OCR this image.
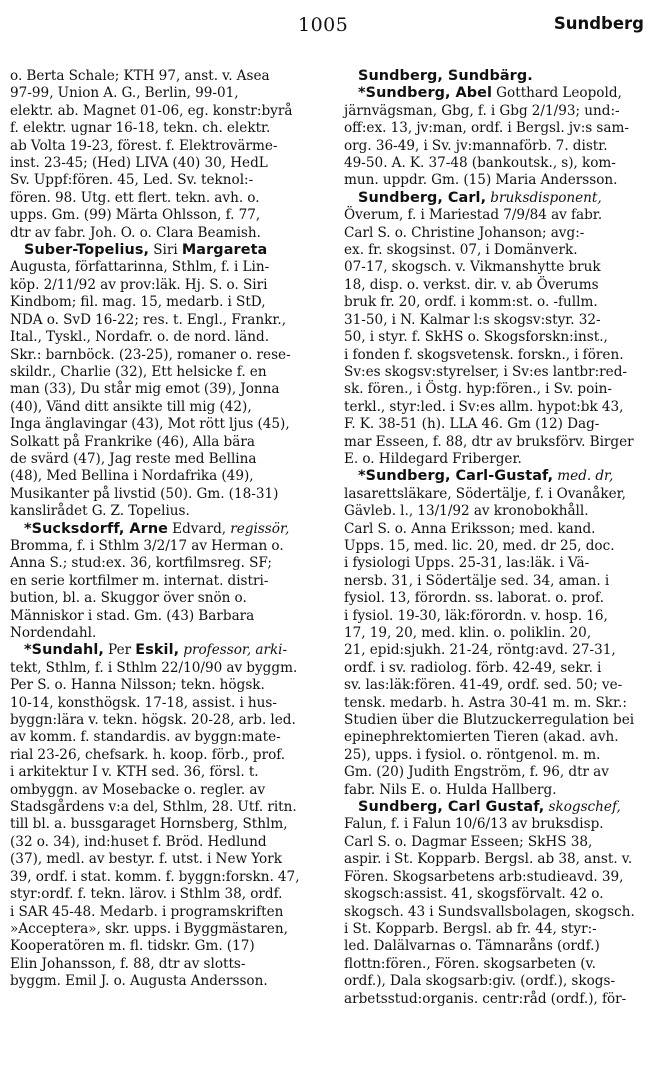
1005	Sundberg
o. Berta Schale; KTH 97, anst. v. Asea
97-99, Union A. G., Berlin, 99-01,
elektr. ab. Magnet 01-06, eg. konstr:byrå
f. elektr. ugnar 16-18, tekn. ch. elektr.
ab Volta 19-23, förest. f. Elektrovärme-
inst. 23-45; (Hed) LIVA (40) 30, HedL
Sv. Uppf:fören. 45, Led. Sv. teknol:-
fören. 98. Utg. ett flert. tekn. avh. o.
upps. Gm. (99) Märta Ohlsson, f. 77,
dtr av fabr. Joh. O. o. Clara Beamish.
Suber-Topelius, Siri Margareta
Augusta, författarinna, Sthlm, f. i Lin-
köp. 2/11/92 av prov:läk. Hj. S. o. Siri
Kindbom; fil. mag. 15, medarb. i StD,
NDA o. SvD 16-22; res. t. Engl., Frankr.,
Ital., Tyskl., Nordafr. o. de nord. länd.
Skr.: barnböck. (23-25), romaner o. rese-
skildr., Charlie (32), Ett helsicke f. en
man (33), Du står mig emot (39), Jonna
(40), Vänd ditt ansikte till mig (42),
Inga änglavingar (43), Mot rött ljus (45),
Solkatt på Frankrike (46), Alla bära
de svärd (47), Jag reste med Bellina
(48), Med Bellina i Nordafrika (49),
Musikanter på livstid (50). Gm. (18-31)
kanslirådet G. Z. Topelius.
*Sucksdorff, Arne Edvard, regissör,
Bromma, f. i Sthlm 3/2/17 av Herman o.
Anna S.; stud:ex. 36, kortfilmsreg. SF;
en serie kortfilmer m. internat. distri-
bution, bl. a. Skuggor över snön o.
Människor i stad. Gm. (43) Barbara
Nordendahl.
*Sundahl, Per Eskil, professor, arki-
tekt, Sthlm, f. i Sthlm 22/10/90 av byggm.
Per S. o. Hanna Nilsson; tekn. högsk.
10-14, konsthögsk. 17-18, assist. i hus-
byggn:lära v. tekn. högsk. 20-28, arb. led.
av komm. f. standardis. av byggn:mate-
rial 23-26, chefsark. h. koop. förb., prof.
i arkitektur I v. KTH sed. 36, försl. t.
ombyggn. av Mosebacke o. regler. av
Stadsgårdens v:a del, Sthlm, 28. Utf. ritn.
till bl. a. bussgaraget Hornsberg, Sthlm,
(32 o. 34), ind:huset f. Bröd. Hedlund
(37), medl. av bestyr. f. utst. i New York
39, ordf. i stat. komm. f. byggn:forskn. 47,
styr:ordf. f. tekn. lärov. i Sthlm 38, ordf.
i SAR 45-48. Medarb. i programskriften
»Acceptera», skr. upps. i Byggmästaren,
Kooperatören m. fl. tidskr. Gm. (17)
Elin Johansson, f. 88, dtr av slotts-
byggm. Emil J. o. Augusta Andersson.
Sundberg, Sundbärg.
*Sundberg, Abel Gotthard Leopold,
järnvägsman, Gbg, f. i Gbg 2/1/93; und:-
off:ex. 13, jv:man, ordf. i Bergsl. jv:s sam-
org. 36-49, i Sv. jv:mannaförb. 7. distr.
49-50. A. K. 37-48 (bankoutsk., s), kom-
mun. uppdr. Gm. (15) Maria Andersson.
Sundberg, Carl, bruksdisponent,
Överum, f. i Mariestad 7/9/84 av fabr.
Carl S. o. Christine Johanson; avg:-
ex. fr. skogsinst. 07, i Domänverk.
07-17, skogsch. v. Vikmanshytte bruk
18, disp. o. verkst. dir. v. ab Överums
bruk fr. 20, ordf. i komm:st. o. -fullm.
31-50, i N. Kalmar l:s skogsv:styr. 32-
50, i styr. f. SkHS o. Skogsforskn:inst.,
i fonden f. skogsvetensk. forskn., i fören.
Sv:es skogsv:styrelser, i Sv:es lantbr:red-
sk. fören., i Östg. hyp:fören., i Sv. poin-
terkl., styr:led. i Sv:es allm. hypot:bk 43,
F. K. 38-51 (h). LLA 46. Gm (12) Dag-
mar Esseen, f. 88, dtr av bruksförv. Birger
E. o. Hildegard Friberger.
*Sundberg, Carl-Gustaf, med. dr,
lasarettsläkare, Södertälje, f. i Ovanåker,
Gävleb. l., 13/1/92 av kronobokhåll.
Carl S. o. Anna Eriksson; med. kand.
Upps. 15, med. lic. 20, med. dr 25, doc.
i fysiologi Upps. 25-31, las:läk. i Vä-
nersb. 31, i Södertälje sed. 34, aman. i
fysiol. 13, förordn. ss. laborat. o. prof.
i fysiol. 19-30, läk:förordn. v. hosp. 16,
17, 19, 20, med. klin. o. poliklin. 20,
21, epid:sjukh. 21-24, röntg:avd. 27-31,
ordf. i sv. radiolog. förb. 42-49, sekr. i
sv. las:läk:fören. 41-49, ordf. sed. 50; ve-
tensk. medarb. h. Astra 30-41 m. m. Skr.:
Studien über die Blutzuckerregulation bei
epinephrektomierten Tieren (akad. avh.
25), upps. i fysiol. o. röntgenol. m. m.
Gm. (20) Judith Engström, f. 96, dtr av
fabr. Nils E. o. Hulda Hallberg.
Sundberg, Carl Gustaf, skogschef,
Falun, f. i Falun 10/6/13 av bruksdisp.
Carl S. o. Dagmar Esseen; SkHS 38,
aspir. i St. Kopparb. Bergsl. ab 38, anst. v.
Fören. Skogsarbetens arb:studieavd. 39,
skogsch:assist. 41, skogsförvalt. 42 o.
skogsch. 43 i Sundsvallsbolagen, skogsch.
i St. Kopparb. Bergsl. ab fr. 44, styr:-
led. Dalälvarnas o. Tämnaråns (ordf.)
flottn:fören., Fören. skogsarbeten (v.
ordf.), Dala skogsarb:giv. (ordf.), skogs-
arbetsstud:organis. centr:råd (ordf.), för-
